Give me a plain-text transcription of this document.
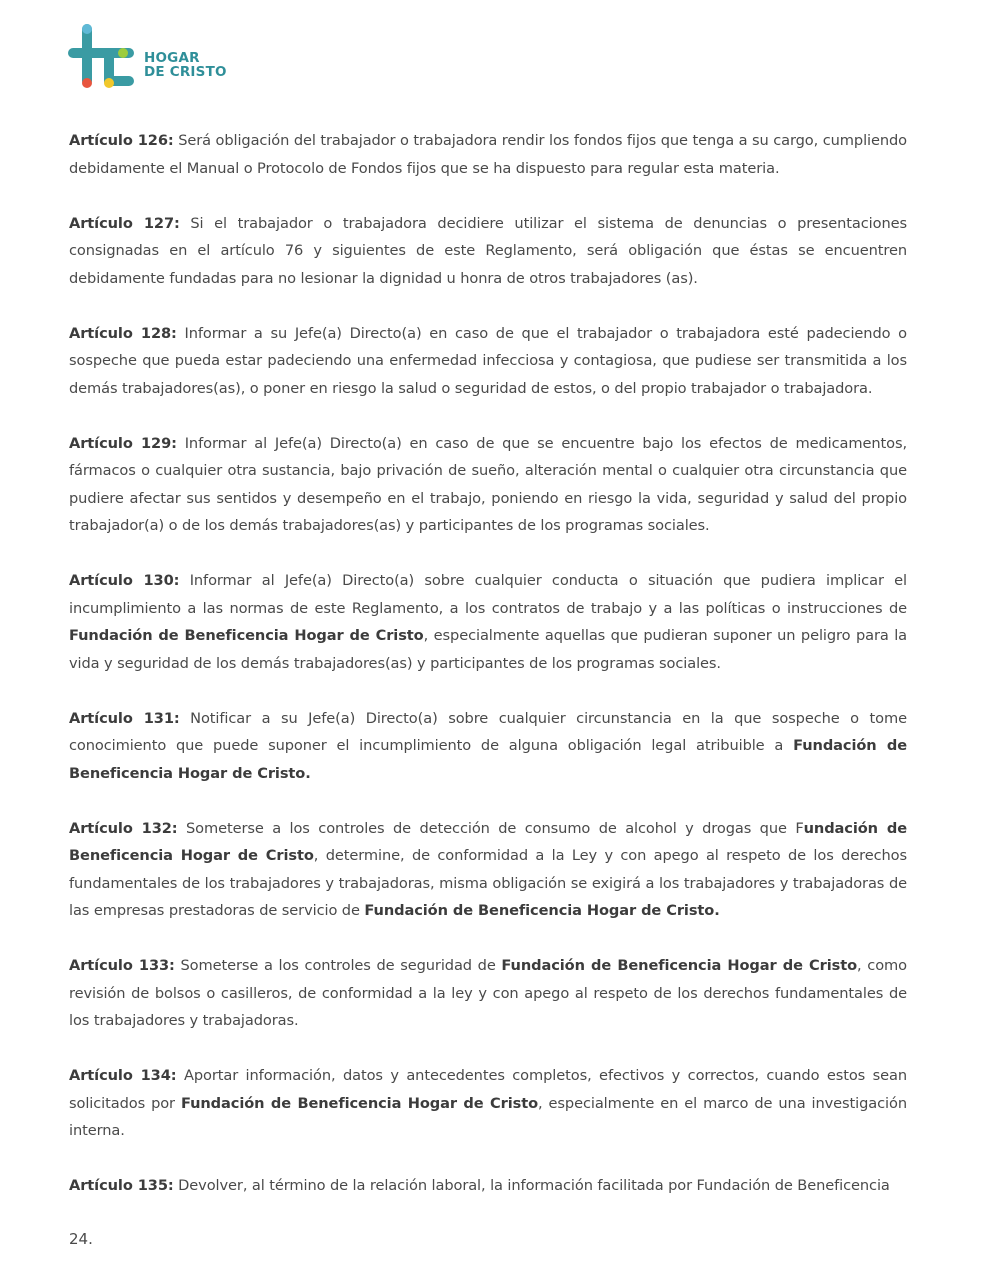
HOGAR
DE CRISTO

Artículo 126: Será obligación del trabajador o trabajadora rendir los fondos fijos que tenga a su cargo, cumpliendo debidamente el Manual o Protocolo de Fondos fijos que se ha dispuesto para regular esta materia.

Artículo 127: Si el trabajador o trabajadora decidiere utilizar el sistema de denuncias o presentaciones consignadas en el artículo 76 y siguientes de este Reglamento, será obligación que éstas se encuentren debidamente fundadas para no lesionar la dignidad u honra de otros trabajadores (as).

Artículo 128: Informar a su Jefe(a) Directo(a) en caso de que el trabajador o trabajadora esté padeciendo o sospeche que pueda estar padeciendo una enfermedad infecciosa y contagiosa, que pudiese ser transmitida a los demás trabajadores(as), o poner en riesgo la salud o seguridad de estos, o del propio trabajador o trabajadora.

Artículo 129: Informar al Jefe(a) Directo(a) en caso de que se encuentre bajo los efectos de medicamentos, fármacos o cualquier otra sustancia, bajo privación de sueño, alteración mental o cualquier otra circunstancia que pudiere afectar sus sentidos y desempeño en el trabajo, poniendo en riesgo la vida, seguridad y salud del propio trabajador(a) o de los demás trabajadores(as) y participantes de los programas sociales.

Artículo 130: Informar al Jefe(a) Directo(a) sobre cualquier conducta o situación que pudiera implicar el incumplimiento a las normas de este Reglamento, a los contratos de trabajo y a las políticas o instrucciones de Fundación de Beneficencia Hogar de Cristo, especialmente aquellas que pudieran suponer un peligro para la vida y seguridad de los demás trabajadores(as) y participantes de los programas sociales.

Artículo 131: Notificar a su Jefe(a) Directo(a) sobre cualquier circunstancia en la que sospeche o tome conocimiento que puede suponer el incumplimiento de alguna obligación legal atribuible a Fundación de Beneficencia Hogar de Cristo.

Artículo 132: Someterse a los controles de detección de consumo de alcohol y drogas que Fundación de Beneficencia Hogar de Cristo, determine, de conformidad a la Ley y con apego al respeto de los derechos fundamentales de los trabajadores y trabajadoras, misma obligación se exigirá a los trabajadores y trabajadoras de las empresas prestadoras de servicio de Fundación de Beneficencia Hogar de Cristo.

Artículo 133: Someterse a los controles de seguridad de Fundación de Beneficencia Hogar de Cristo, como revisión de bolsos o casilleros, de conformidad a la ley y con apego al respeto de los derechos fundamentales de los trabajadores y trabajadoras.

Artículo 134: Aportar información, datos y antecedentes completos, efectivos y correctos, cuando estos sean solicitados por Fundación de Beneficencia Hogar de Cristo, especialmente en el marco de una investigación interna.

Artículo 135: Devolver, al término de la relación laboral, la información facilitada por Fundación de Beneficencia

24.
